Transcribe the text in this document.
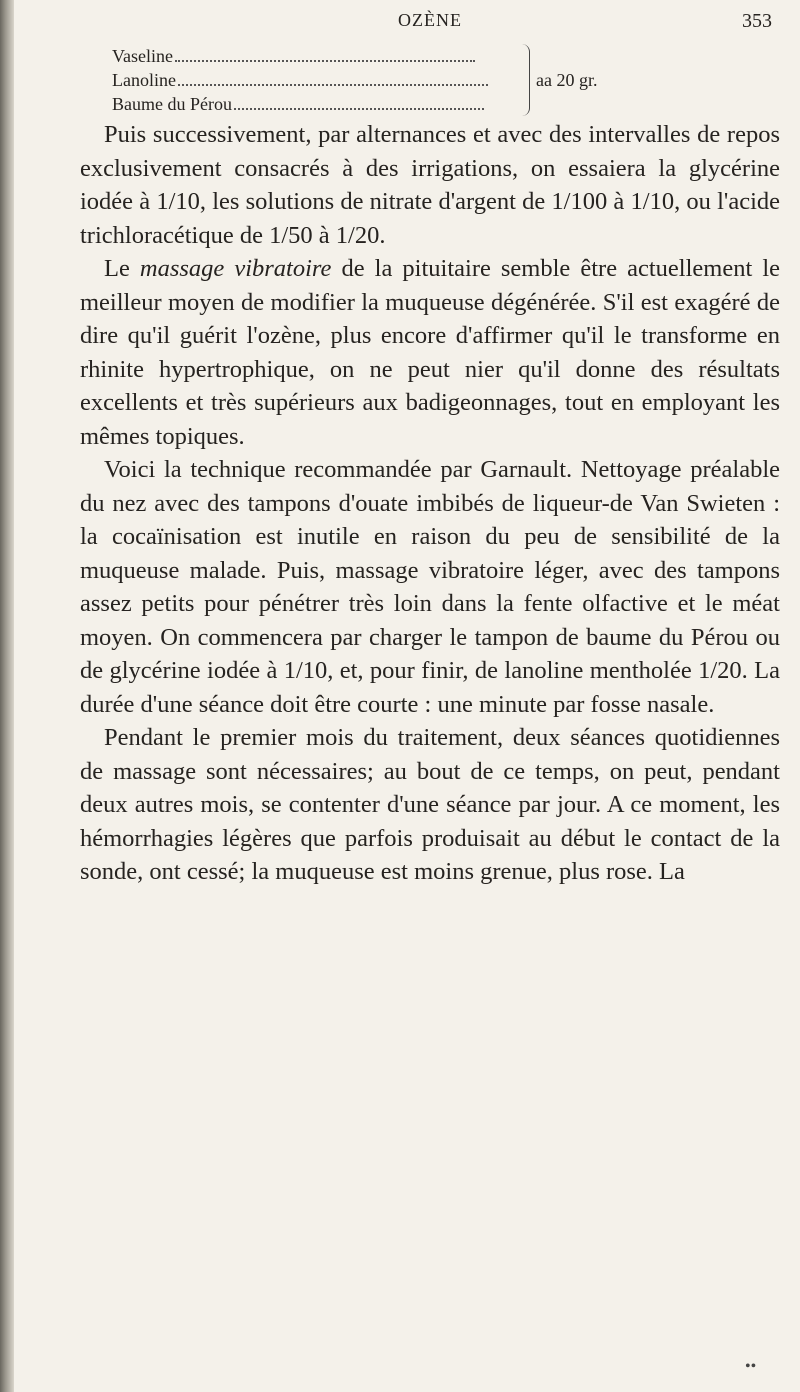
OZÈNE	353
Vaseline
Lanoline
Baume du Pérou
aa 20 gr.

Puis successivement, par alternances et avec des intervalles de repos exclusivement consacrés à des irrigations, on essaiera la glycérine iodée à 1/10, les solutions de nitrate d'argent de 1/100 à 1/10, ou l'acide trichloracétique de 1/50 à 1/20.

Le massage vibratoire de la pituitaire semble être actuellement le meilleur moyen de modifier la muqueuse dégénérée. S'il est exagéré de dire qu'il guérit l'ozène, plus encore d'affirmer qu'il le transforme en rhinite hypertrophique, on ne peut nier qu'il donne des résultats excellents et très supérieurs aux badigeonnages, tout en employant les mêmes topiques.

Voici la technique recommandée par Garnault. Nettoyage préalable du nez avec des tampons d'ouate imbibés de liqueur-de Van Swieten : la cocaïnisation est inutile en raison du peu de sensibilité de la muqueuse malade. Puis, massage vibratoire léger, avec des tampons assez petits pour pénétrer très loin dans la fente olfactive et le méat moyen. On commencera par charger le tampon de baume du Pérou ou de glycérine iodée à 1/10, et, pour finir, de lanoline mentholée 1/20. La durée d'une séance doit être courte : une minute par fosse nasale.

Pendant le premier mois du traitement, deux séances quotidiennes de massage sont nécessaires; au bout de ce temps, on peut, pendant deux autres mois, se contenter d'une séance par jour. A ce moment, les hémorrhagies légères que parfois produisait au début le contact de la sonde, ont cessé; la muqueuse est moins grenue, plus rose. La

••
